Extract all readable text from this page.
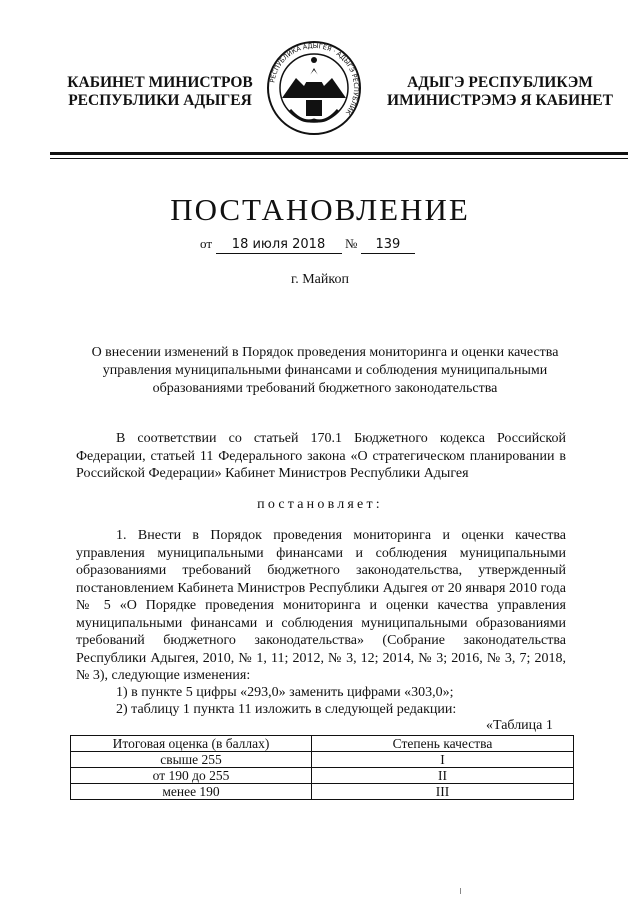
КАБИНЕТ МИНИСТРОВ
РЕСПУБЛИКИ АДЫГЕЯ
РЕСПУБЛИКА АДЫГЕЯ · АДЫГЭ РЕСПУБЛИК
АДЫГЭ РЕСПУБЛИКЭМ
ИМИНИСТРЭМЭ Я КАБИНЕТ
ПОСТАНОВЛЕНИЕ
от 18 июля 2018 № 139
г. Майкоп
О внесении изменений в Порядок проведения мониторинга и оценки качества управления муниципальными финансами и соблюдения муниципальными образованиями требований бюджетного законодательства
В соответствии со статьей 170.1 Бюджетного кодекса Российской Федерации, статьей 11 Федерального закона «О стратегическом планировании в Российской Федерации» Кабинет Министров Республики Адыгея
постановляет:
1. Внести в Порядок проведения мониторинга и оценки качества управления муниципальными финансами и соблюдения муниципальными образованиями требований бюджетного законодательства, утвержденный постановлением Кабинета Министров Республики Адыгея от 20 января 2010 года № 5 «О Порядке проведения мониторинга и оценки качества управления муниципальными финансами и соблюдения муниципальными образованиями требований бюджетного законодательства» (Собрание законодательства Республики Адыгея, 2010, № 1, 11; 2012, № 3, 12; 2014, № 3; 2016, № 3, 7; 2018, № 3), следующие изменения:
1) в пункте 5 цифры «293,0» заменить цифрами «303,0»;
2) таблицу 1 пункта 11 изложить в следующей редакции:
«Таблица 1
Итоговая оценка (в баллах)	Степень качества
свыше 255	I
от 190 до 255	II
менее 190	III
